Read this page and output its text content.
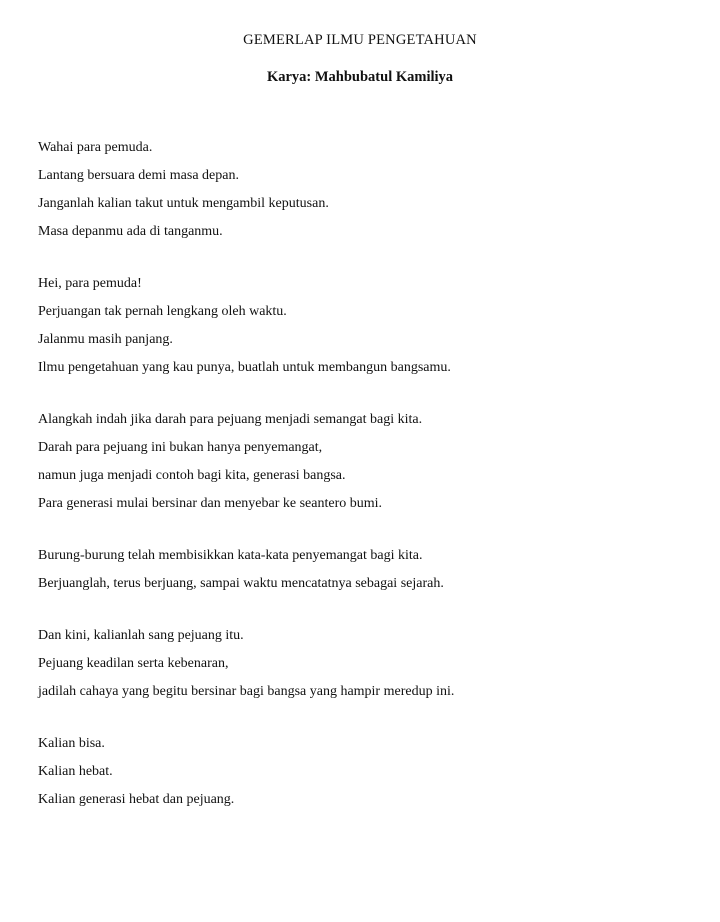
GEMERLAP ILMU PENGETAHUAN
Karya: Mahbubatul Kamiliya

Wahai para pemuda.

Lantang bersuara demi masa depan.

Janganlah kalian takut untuk mengambil keputusan.

Masa depanmu ada di tanganmu.

Hei, para pemuda!

Perjuangan tak pernah lengkang oleh waktu.

Jalanmu masih panjang.

Ilmu pengetahuan yang kau punya, buatlah untuk membangun bangsamu.

Alangkah indah jika darah para pejuang menjadi semangat bagi kita.

Darah para pejuang ini bukan hanya penyemangat,

namun juga menjadi contoh bagi kita, generasi bangsa.

Para generasi mulai bersinar dan menyebar ke seantero bumi.

Burung-burung telah membisikkan kata-kata penyemangat bagi kita.

Berjuanglah, terus berjuang, sampai waktu mencatatnya sebagai sejarah.

Dan kini, kalianlah sang pejuang itu.

Pejuang keadilan serta kebenaran,

jadilah cahaya yang begitu bersinar bagi bangsa yang hampir meredup ini.

Kalian bisa.

Kalian hebat.

Kalian generasi hebat dan pejuang.
